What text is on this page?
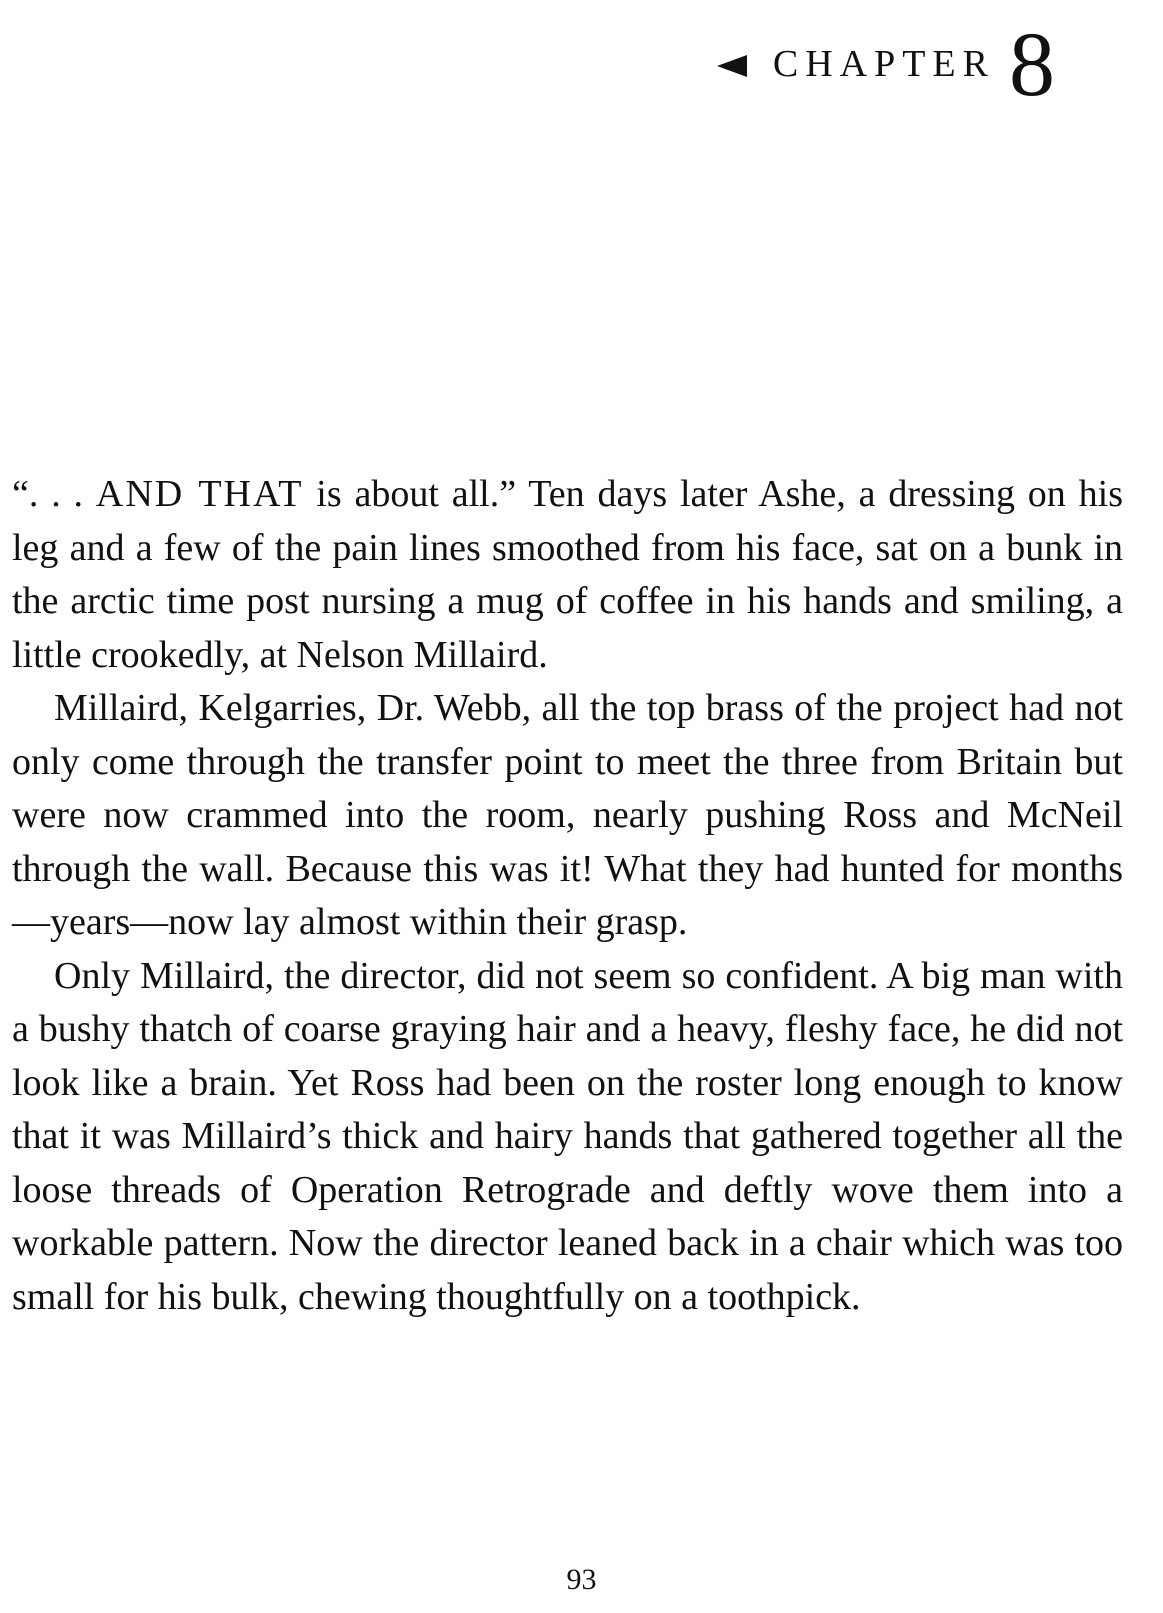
CHAPTER 8

“. . . AND THAT is about all.” Ten days later Ashe, a dressing on his leg and a few of the pain lines smoothed from his face, sat on a bunk in the arctic time post nursing a mug of coffee in his hands and smiling, a little crookedly, at Nelson Millaird.

Millaird, Kelgarries, Dr. Webb, all the top brass of the project had not only come through the transfer point to meet the three from Britain but were now crammed into the room, nearly pushing Ross and McNeil through the wall. Because this was it! What they had hunted for months—years—now lay almost within their grasp.

Only Millaird, the director, did not seem so confident. A big man with a bushy thatch of coarse graying hair and a heavy, fleshy face, he did not look like a brain. Yet Ross had been on the roster long enough to know that it was Millaird’s thick and hairy hands that gathered together all the loose threads of Operation Retrograde and deftly wove them into a workable pattern. Now the director leaned back in a chair which was too small for his bulk, chewing thoughtfully on a toothpick.

93
